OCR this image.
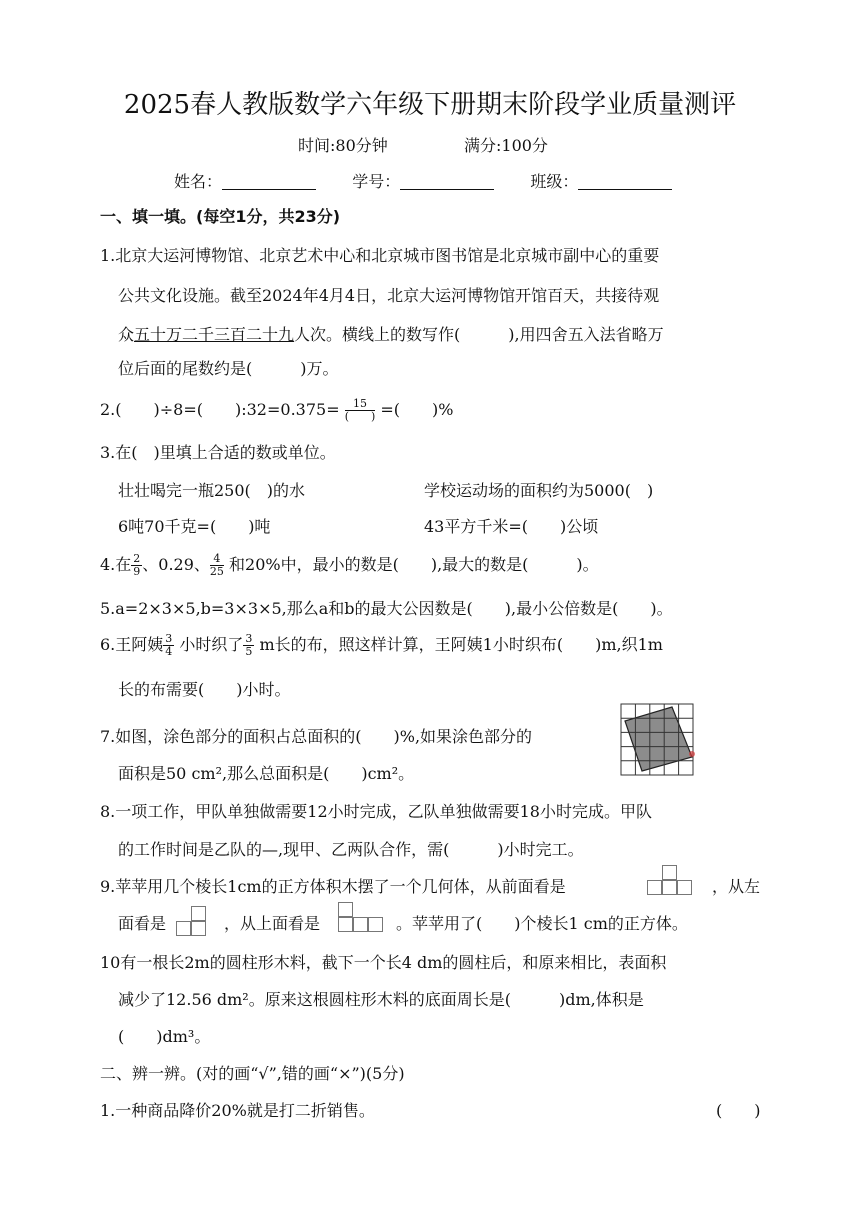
2025春人教版数学六年级下册期末阶段学业质量测评
时间:80分钟	满分:100分
姓名：	学号：	班级：
一、填一填。(每空1分，共23分)
1.北京大运河博物馆、北京艺术中心和北京城市图书馆是北京城市副中心的重要
公共文化设施。截至2024年4月4日，北京大运河博物馆开馆百天，共接待观
众五十万二千三百二十九人次。横线上的数写作(　　　),用四舍五入法省略万
位后面的尾数约是(　　　)万。
2.(　　)÷8=(　　):32=0.375= $\frac{15}{( )}$ =(　　)%
3.在(　)里填上合适的数或单位。
壮壮喝完一瓶250(　)的水	学校运动场的面积约为5000(　)
6吨70千克=(　　)吨	43平方千米=(　　)公顷
4.在 $\frac{2}{9}$ 、0.29、 $\frac{4}{25}$ 和20%中，最小的数是(　　),最大的数是(　　　)。
5.a=2×3×5,b=3×3×5,那么a和b的最大公因数是(　　),最小公倍数是(　　)。
6.王阿姨 $\frac{3}{4}$ 小时织了 $\frac{3}{5}$ m长的布，照这样计算，王阿姨1小时织布(　　)m,织1m
长的布需要(　　)小时。
7.如图，涂色部分的面积占总面积的(　　)%,如果涂色部分的
面积是50 cm²,那么总面积是(　　)cm²。
8.一项工作，甲队单独做需要12小时完成，乙队单独做需要18小时完成。甲队
的工作时间是乙队的—,现甲、乙两队合作，需(　　　)小时完工。
9.苹苹用几个棱长1cm的正方体积木摆了一个几何体，从前面看是	，从左
面看是	，从上面看是	。苹苹用了(　　)个棱长1 cm的正方体。
10有一根长2m的圆柱形木料，截下一个长4 dm的圆柱后，和原来相比，表面积
减少了12.56 dm²。原来这根圆柱形木料的底面周长是(　　　)dm,体积是
(　　)dm³。
二、辨一辨。(对的画“√”,错的画“×”)(5分)
1.一种商品降价20%就是打二折销售。	(　　)
